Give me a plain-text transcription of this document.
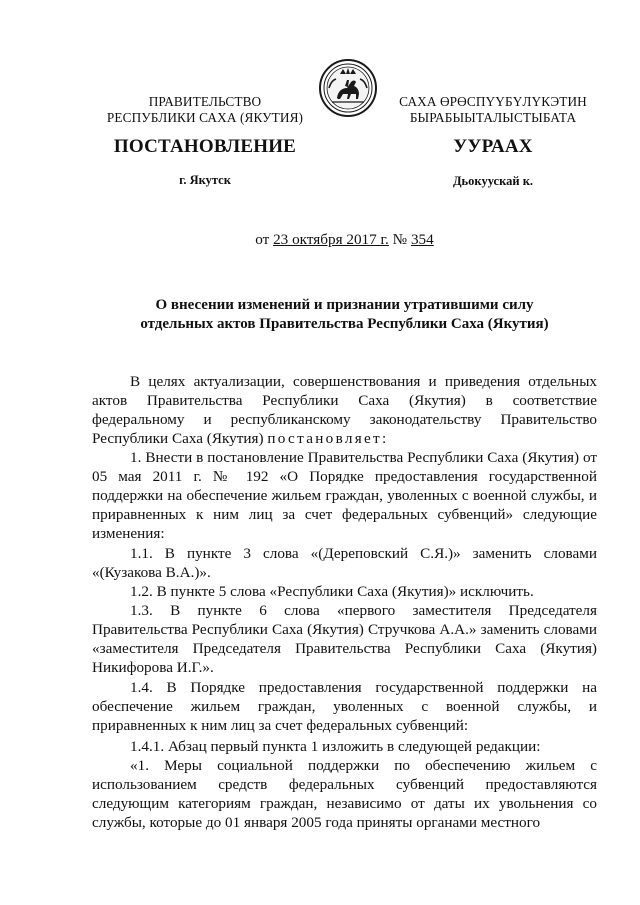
ПРАВИТЕЛЬСТВО
РЕСПУБЛИКИ САХА (ЯКУТИЯ)
САХА ӨРӨСПҮҮБҮЛҮКЭТИН
БЫРАБЫЫТАЛЫСТЫБАТА
ПОСТАНОВЛЕНИЕ	УУРААХ
г. Якутск	Дьокуускай к.
от 23 октября 2017 г. № 354
О внесении изменений и признании утратившими силу
отдельных актов Правительства Республики Саха (Якутия)
В целях актуализации, совершенствования и приведения отдельных актов Правительства Республики Саха (Якутия) в соответствие федеральному и республиканскому законодательству Правительство Республики Саха (Якутия) постановляет:
1. Внести в постановление Правительства Республики Саха (Якутия) от 05 мая 2011 г. № 192 «О Порядке предоставления государственной поддержки на обеспечение жильем граждан, уволенных с военной службы, и приравненных к ним лиц за счет федеральных субвенций» следующие изменения:
1.1. В пункте 3 слова «(Дереповский С.Я.)» заменить словами «(Кузакова В.А.)».
1.2. В пункте 5 слова «Республики Саха (Якутия)» исключить.
1.3. В пункте 6 слова «первого заместителя Председателя Правительства Республики Саха (Якутия) Стручкова А.А.» заменить словами «заместителя Председателя Правительства Республики Саха (Якутия) Никифорова И.Г.».
1.4. В Порядке предоставления государственной поддержки на обеспечение жильем граждан, уволенных с военной службы, и приравненных к ним лиц за счет федеральных субвенций:
1.4.1. Абзац первый пункта 1 изложить в следующей редакции:
«1. Меры социальной поддержки по обеспечению жильем с использованием средств федеральных субвенций предоставляются следующим категориям граждан, независимо от даты их увольнения со службы, которые до 01 января 2005 года приняты органами местного
